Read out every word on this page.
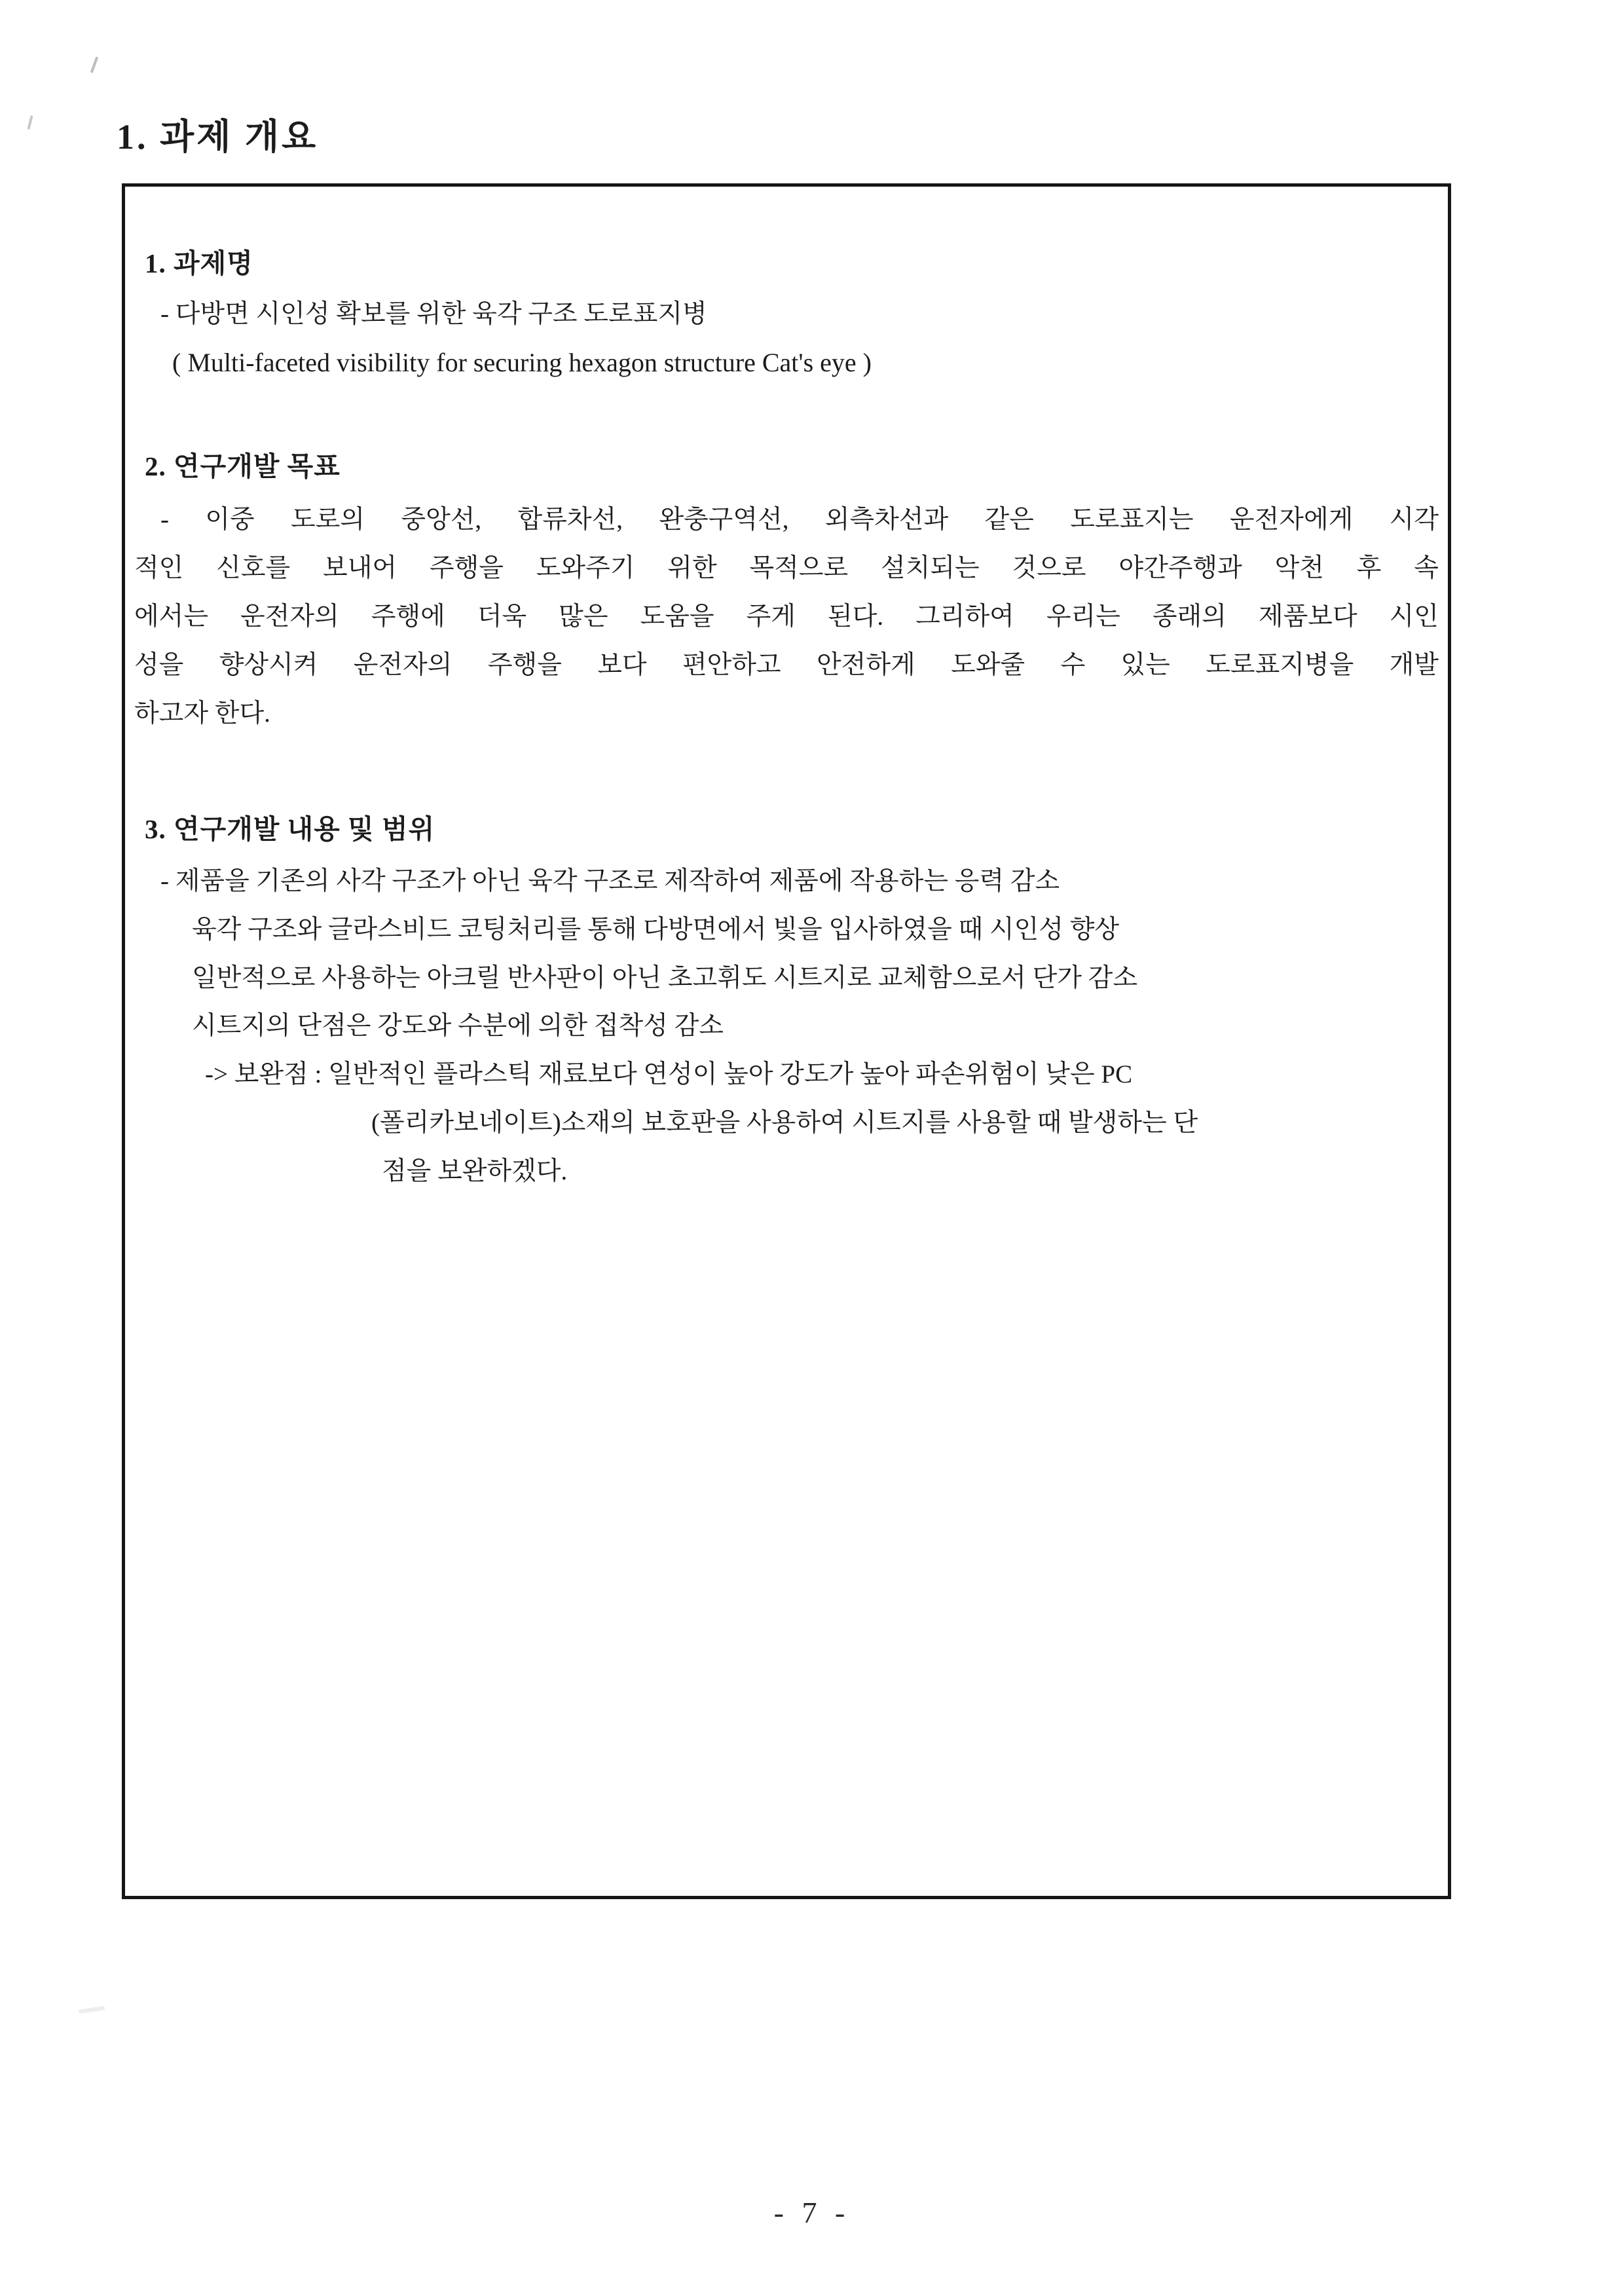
1. 과제 개요

1. 과제명

- 다방면 시인성 확보를 위한 육각 구조 도로표지병

( Multi-faceted visibility for securing hexagon structure Cat's eye )

2. 연구개발 목표

- 이중 도로의 중앙선, 합류차선, 완충구역선, 외측차선과 같은 도로표지는 운전자에게 시각

적인 신호를 보내어 주행을 도와주기 위한 목적으로 설치되는 것으로 야간주행과 악천 후 속

에서는 운전자의 주행에 더욱 많은 도움을 주게 된다. 그리하여 우리는 종래의 제품보다 시인

성을 향상시켜 운전자의 주행을 보다 편안하고 안전하게 도와줄 수 있는 도로표지병을 개발

하고자 한다.

3. 연구개발 내용 및 범위

- 제품을 기존의 사각 구조가 아닌 육각 구조로 제작하여 제품에 작용하는 응력 감소

육각 구조와 글라스비드 코팅처리를 통해 다방면에서 빛을 입사하였을 때 시인성 향상

일반적으로 사용하는 아크릴 반사판이 아닌 초고휘도 시트지로 교체함으로서 단가 감소

시트지의 단점은 강도와 수분에 의한 접착성 감소

-> 보완점 : 일반적인 플라스틱 재료보다 연성이 높아 강도가 높아 파손위험이 낮은 PC

(폴리카보네이트)소재의 보호판을 사용하여 시트지를 사용할 때 발생하는 단

점을 보완하겠다.

- 7 -
